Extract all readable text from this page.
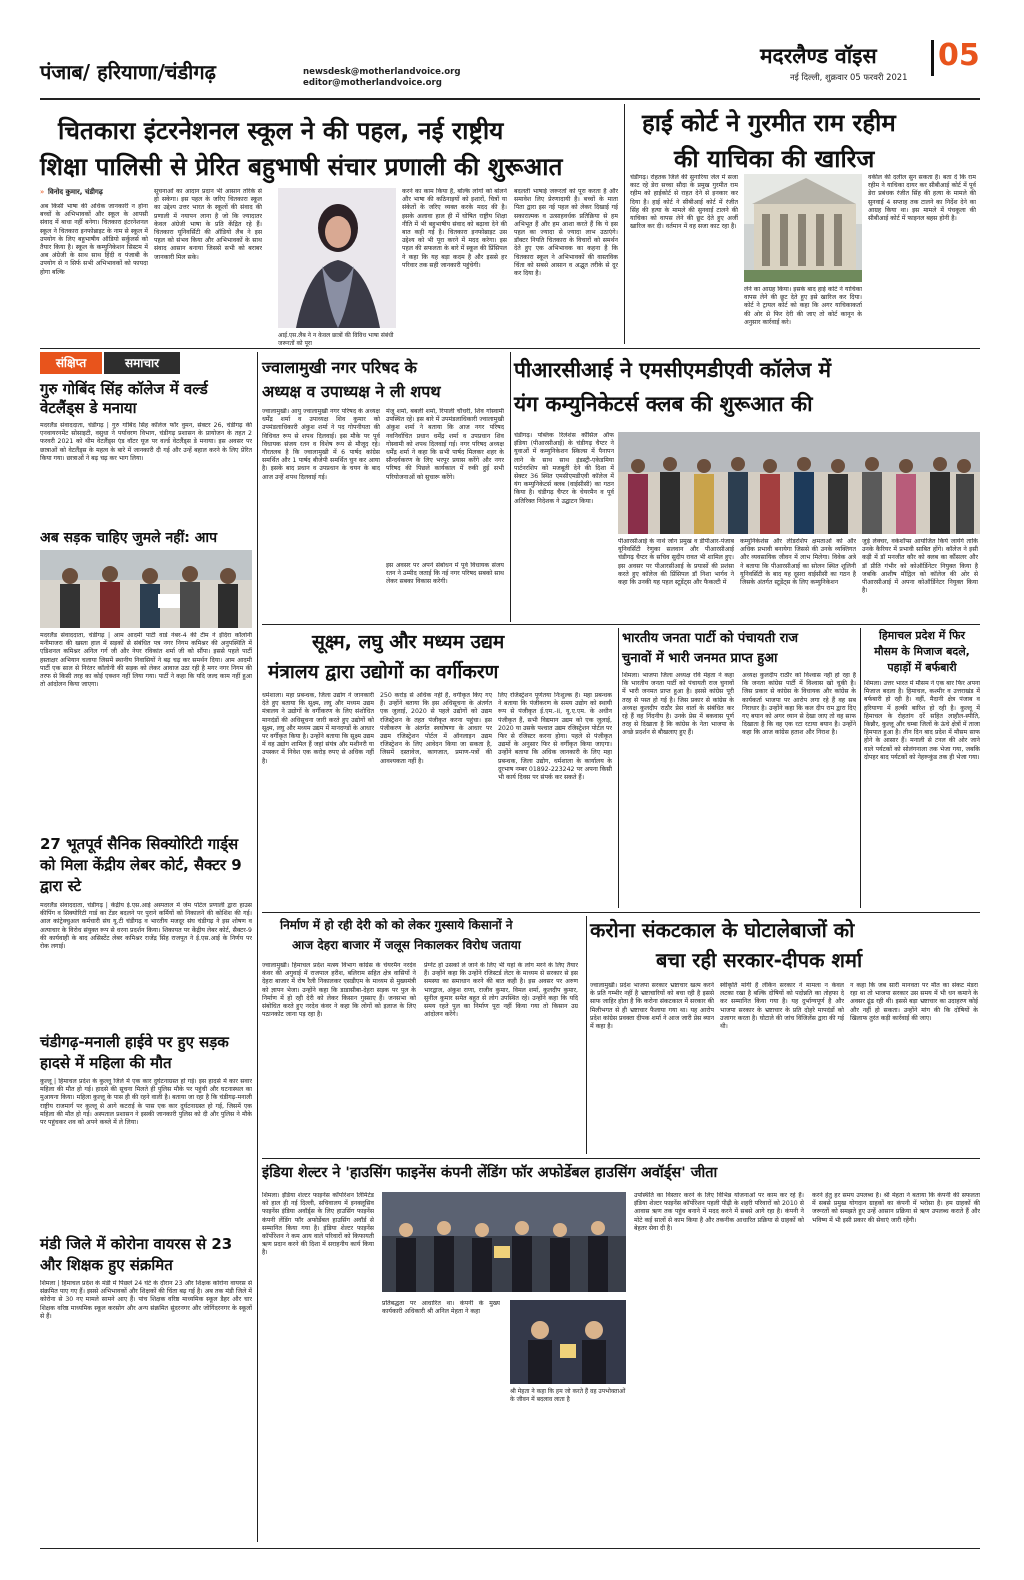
पंजाब/ हरियाणा/चंडीगढ़	newsdesk@motherlandvoice.org
editor@motherlandvoice.org
मदरलैण्ड वॉइस 05
नई दिल्ली, शुक्रवार 05 फरवरी 2021
चितकारा इंटरनेशनल स्कूल ने की पहल, नई राष्ट्रीय
शिक्षा पालिसी से प्रेरित बहुभाषी संचार प्रणाली की शुरूआत
» विनोद कुमार, चंडीगढ़
अब किसी भाषा की अधिक जानकारी न होना बच्चों के अभिभावकों और स्कूल के आपसी संवाद में बाधा नहीं बनेगा। चितकारा इंटरनेशनल स्कूल ने चितकारा इनफोब्राइट के नाम से स्कूल में उपयोग के लिए बहुभाषीय ऑडियो सर्कुलर्स को तैयार किया है। स्कूल के कम्युनिकेशन सिस्टम में अब अंग्रेजी के साथ साथ हिंदी व पंजाबी के उपयोग से न सिर्फ सभी अभिभावकों को फायदा होगा बल्कि
सूचनाओं का आदान प्रदान भी आसान तरिके से हो सकेगा। इस पहल के जरिए चितकारा स्कूल का उद्देश्य उत्तर भारत के स्कूलों की संवाद की प्रणाली में नयापन लाना है जो कि ज्यादातर केवल अंग्रेजी भाषा के प्रति केंद्रित रहे हैं। चितकारा यूनिवर्सिटी की ऑडियो लैब ने इस पहल को संभव किया और अभिभावकों के साथ संवाद आसान बनाया जिससे सभी को बराबर जानकारी मिल सके।
आई.एस.लैब ने न केवल छात्रों की विविध भाषा संबंधी जरूरतों को पूरा
करने का काम किया है, बल्कि लोगों को बोलने और भाषा की कठिनाइयों को इशारों, चित्रों या संकेतों के जरिए व्यक्त करके मदद की है। इसके अलावा हाल ही में घोषित राष्ट्रीय शिक्षा नीति में भी बहुभाषीय संवाद को बढ़ावा देने की बात कही गई है। चितकारा इनफोब्राइट उस उद्देश्य को भी पूरा करने में मदद करेगा। इस पहल की सफलता के बारे में स्कूल की प्रिंसिपल ने कहा कि यह बड़ा कदम है और इससे हर परिवार तक सही जानकारी पहुंचेगी।
बदलती भाषाई जरूरतों को पूरा करता है और समावेश लिए प्रेरणादायी है। बच्चों के माता पिता द्वारा इस नई पहल को लेकर दिखाई गई सकारात्मक व उत्साहवर्धक प्रतिक्रिया से हम अभिभूत हैं और हम आशा करते हैं कि ये इस पहल का ज्यादा से ज्यादा लाभ उठाएंगे। डॉक्टर नियति चितकारा के विचारों को समर्थन देते हुए एक अभिभावक का कहना है कि चितकारा स्कूल ने अभिभावकों की वास्तविक चिंता को सबसे आसान व अद्भुत तरीके से दूर कर दिया है।
हाई कोर्ट ने गुरमीत राम रहीम
की याचिका की खारिज
चंडीगढ़। रोहतक जिले की सुनारिया जेल में सजा काट रहे डेरा सच्चा सौदा के प्रमुख गुरमीत राम रहीम को हाईकोर्ट से राहत देने से इनकार कर दिया है। हाई कोर्ट ने सीबीआई कोर्ट में रंजीत सिंह की हत्या के मामले की सुनवाई टालने की याचिका को वापस लेने की छूट देते हुए अर्जी खारिज कर दी। वर्तमान में वह सजा काट रहा है।
लेने का आग्रह किया। इसके बाद हाई कोर्ट ने याचिका वापस लेने की छूट देते हुए इसे खारिज कर दिया। कोर्ट ने ट्रायल कोर्ट को कहा कि अगर याचिकाकर्ता की ओर से फिर देरी की जाए तो कोर्ट कानून के अनुसार कार्रवाई करे।
वकील की दलील सुन सकता है। बता दें कि राम रहीम ने याचिका दायर कर सीबीआई कोर्ट में पूर्व डेरा प्रबंधक रंजीत सिंह की हत्या के मामले की सुनवाई 4 सप्ताह तक टालने का निर्देश देने का आग्रह किया था। इस मामले में पंचकूला की सीबीआई कोर्ट में फाइनल बहस होनी है।
संक्षिप्त	समाचार
गुरु गोबिंद सिंह कॉलेज में वर्ल्ड वेटलैंड्स डे मनाया
मदरलैंड संवाददाता, चंडीगढ़ | गुरु गोबिंद सिंह कॉलेज फॉर वुमन, सेक्टर 26, चंडीगढ़ की एनवायरनमेंट सोसाइटी, वसुधा ने पर्यावरण विभाग, चंडीगढ़ प्रशासन के प्रायोजन के तहत 2 फरवरी 2021 को थीम वेटलैंड्स एंड वॉटर यूज पर वर्ल्ड वेटलैंड्स डे मनाया। इस अवसर पर छात्राओं को वेटलैंड्स के महत्व के बारे में जानकारी दी गई और उन्हें बहाल करने के लिए प्रेरित किया गया। छात्राओं ने बढ़ चढ़ कर भाग लिया।
अब सड़क चाहिए जुमले नहीं: आप
मदरलैंड संवाददाता, चंडीगढ़ | आम आदमी पार्टी वार्ड नंबर-4 की टीम ने इंदिरा कॉलोनी मनीमाजरा की खस्ता हाल में सड़कों से संबंधित पत्र नगर निगम कमिश्नर की अनुपस्थिति में एडिशनल कमिश्नर अनिल गर्ग जी और नेयर रविकांत शर्मा जी को सौंपा। इससे पहले पार्टी हस्ताक्षर अभियान चलाया जिसमें स्थानीय निवासियों ने बढ़ चढ़ कर समर्थन दिया। आम आदमी पार्टी एक साल से निरंतर कॉलोनी की सड़क को लेकर आवाज उठा रही है मगर नगर निगम की तरफ से किसी तरह का कोई एक्शन नहीं लिया गया। पार्टी ने कहा कि यदि जल्द काम नहीं हुआ तो आंदोलन किया जाएगा।
27 भूतपूर्व सैनिक सिक्योरिटी गार्ड्स को मिला केंद्रीय लेबर कोर्ट, सैक्टर 9 द्वारा स्टे
मदरलैंड संवाददाता, चंडीगढ़ | केंद्रीय ई.एस.आई अस्पताल में जेम पोर्टल प्रणाली द्वारा हाउस कीपिंग व सिक्योरिटी गार्ड का टेंडर बदलने पर पुराने कर्मियों को निकालने की कोशिश की गई। आल कांट्रेक्चुअल कर्मचारी संघ यू.टी चंडीगढ़ व भारतीय मजदूर संघ चंडीगढ़ ने इस शोषण व अत्याचार के विरोध संयुक्त रूप से धरना प्रदर्शन किया। शिकायत पर केंद्रीय लेबर कोर्ट, सैक्टर-9 की कार्यवाही के बाद असिस्टेंट लेबर कमिश्नर राजेंद्र सिंह राजपूत ने ई.एस.आई के निर्णय पर रोक लगाई।
चंडीगढ़-मनाली हाईवे पर हुए सड़क हादसे में महिला की मौत
कुल्लू | हिमाचल प्रदेश के कुल्लू जिले में एक कार दुर्घटनाग्रस्त हो गई। इस हादसे में कार सवार महिला की मौत हो गई। हादसे की सूचना मिलते ही पुलिस मौके पर पहुंची और घटनास्थल का मुआयना किया। महिला कुल्लू के पास ही की रहने वाली है। बताया जा रहा है कि चंडीगढ़-मनाली राष्ट्रीय राजमार्ग पर कुल्लू से आगे कटराई के पास एक कार दुर्घटनाग्रस्त हो गई, जिसमें एक महिला की मौत हो गई। अस्पताल प्रशासन ने इसकी जानकारी पुलिस को दी और पुलिस ने मौके पर पहुंचकर शव को अपने कब्जे में ले लिया।
मंडी जिले में कोरोना वायरस से 23 और शिक्षक हुए संक्रमित
शिमला | हिमाचल प्रदेश के मंडी में पिछले 24 घंटे के दौरान 23 और शिक्षक कोरोना वायरस से संक्रमित पाए गए हैं। इससे अभिभावकों और शिक्षकों की चिंता बढ़ गई है। अब तक मंडी जिले में कोरोना से 30 नए मामले सामने आए हैं। पांच शिक्षक वरिष्ठ माध्यमिक स्कूल डैहर और चार शिक्षक वरिष्ठ माध्यमिक स्कूल करसोग और अन्य संक्रमित सुंदरनगर और जोगिंदरनगर के स्कूलों से हैं।
ज्वालामुखी नगर परिषद के
अध्यक्ष व उपाध्यक्ष ने ली शपथ
ज्वालामुखी। आयु ज्वालामुखी नगर परिषद के अध्यक्ष धर्मेंद्र शर्मा व उपाध्यक्ष शिव कुमार को उपमंडलाधिकारी अंकुश शर्मा ने पद गोपनीयता की विधिवत रूप से शपथ दिलवाई। इस मौके पर पूर्व विधायक संजय रतन व विशेष रूप से मौजूद रहे। गौरतलब है कि ज्वालामुखी में 6 पार्षद कांग्रेस समर्थित और 1 पार्षद बीजेपी समर्थित चुन कर आया है। इसके बाद प्रधान व उपप्रधान के चयन के बाद आज उन्हें शपथ दिलवाई गई।
मंजू शर्मा, बबली शर्मा, रिपाली चौधरी, शिव गोस्वामी उपस्थित रहे। इस बारे में उपमंडलाधिकारी ज्वालामुखी अंकुश शर्मा ने बताया कि आज नगर परिषद नवनिर्वाचित प्रधान धर्मेंद्र शर्मा व उपप्रधान शिव गोस्वामी को शपथ दिलवाई गई। नगर परिषद अध्यक्ष धर्मेंद्र शर्मा ने कहा कि सभी पार्षद मिलकर शहर के सौन्दर्यकरण के लिए भरपूर प्रयास करेंगे और नगर परिषद की पिछले कार्यकाल में रुकी हुई सभी परियोजनाओं को सुचारू करेंगे।
इस अवसर पर अपने संबोधन में पूर्व विधायक संजय रतन ने उम्मीद जताई कि नई नगर परिषद सबको साथ लेकर सबका विकास करेगी।
पीआरसीआई ने एमसीएमडीएवी कॉलेज में
यंग कम्युनिकेटर्स क्लब की शुरूआत की
चंडीगढ़। पब्लिक रिलेशंस कौंसिल ऑफ इंडिया (पीआरसीआई) के चंडीगढ़ चैप्टर ने युवाओं में कम्युनिकेशन स्किल्स में पैनापन लाने के साथ साथ इंडस्ट्री-एकेडमिया पार्टनरशिप को मजबूती देने की दिशा में सेक्टर 36 स्थित एमसीएमडीएवी कॉलेज में यंग कम्युनिकेटर्स क्लब (वाईसीसी) का गठन किया है। चंडीगढ़ चैप्टर के चेयरमैन व पूर्व अतिरिक्त निदेशक ने उद्घाटन किया।
पीआरसीआई के नार्थ जोन प्रमुख व डीपीआर-पंजाब यूनिवर्सिटी रेणुका सलवान और पीआरसीआई चंडीगढ़ चैप्टर के सचिव सुदीप रावत भी शामिल हुए। इस अवसर पर पीआरसीआई के प्रयासों की प्रशंसा करते हुए कॉलेज की प्रिंसिपल डॉ निशा भार्गव ने कहा कि उनकी यह पहल स्टूडेंट्स और फैकल्टी में
कम्युनिकेशंस और लीडरशिप क्षमताओं को और अधिक प्रभावी बनायेगा जिससे की उनके व्यक्तिगत और व्यवसायिक जीवन में लाभ मिलेगा। विवेक अत्रे ने बताया कि पीआरसीआई का सोलन स्थित शूलिनी यूनिवर्सिटी के बाद यह दूसरा वाईसीसी का गठन है जिसके अंतर्गत स्टूडेंट्स के लिए कम्युनिकेशन
जुड़े लेक्चर, वर्कशॉप्स आयोजित किये जायेंगे ताकि उनके कैरियर में प्रभावी साबित होंगे। कॉलेज ने इसी कड़ी में डॉ मनजीत कौर को क्लब का कौंसलर और डॉ प्रीति गंभीर को कोऑर्डिनेटर नियुक्त किया है जबकि आशीष मौद्गिल को कॉलेज की ओर से पीआरसीआई में अपना कोऑर्डिनेटर नियुक्त किया है।
सूक्ष्म, लघु और मध्यम उद्यम
मंत्रालय द्वारा उद्योगों का वर्गीकरण
धर्मशाला। महा प्रबन्धक, जिला उद्योग ने जानकारी देते हुए बताया कि सूक्ष्म, लघु और मध्यम उद्यम मंत्रालय ने उद्योगों के वर्गीकरण के लिए संशोधित मानदंडों की अधिसूचना जारी करते हुए उद्योगों को सूक्ष्म, लघु और मध्यम उद्यम में मानदण्डों के आधार पर वर्गीकृत किया है। उन्होंने बताया कि सूक्ष्म उद्यम में वह उद्योग शामिल हैं जहां संयंत्र और मशीनरी या उपस्कर में निवेश एक करोड़ रुपए से अधिक नहीं है।
250 करोड़ से अधिक नहीं है, वर्गीकृत किए गए हैं। उन्होंने बताया कि इस अधिसूचना के अंतर्गत एक जुलाई, 2020 से पहले उद्योगों को उद्यम रजिस्ट्रेशन के तहत पंजीकृत करना पहुंचा। इस पंजीकरण के अंतर्गत स्वघोषणा के आधार पर उद्यम रजिस्ट्रेशन पोर्टल में ऑनलाइन उद्यम रजिस्ट्रेशन के लिए आवेदन किया जा सकता है, जिसमें दस्तावेज, कागजात, प्रमाण-पत्रों की आवश्यकता नहीं है।
लिए रजिस्ट्रेशन पूर्णतया निःशुल्क है। महा प्रबन्धक ने बताया कि पंजीकरण के समय उद्योग को स्थायी रूप से पंजीकृत ई.एम.-II, यू.ए.एम. के अधीन पंजीकृत हैं, सभी विद्यमान उद्यम को एक जुलाई, 2020 या उसके पश्चात उद्यम रजिस्ट्रेशन पोर्टल पर फिर से रजिस्टर करना होगा। पहले से पंजीकृत उद्यमों के अनुसार फिर से वर्गीकृत किया जाएगा। उन्होंने बताया कि अधिक जानकारी के लिए महा प्रबन्धक, जिला उद्योग, धर्मशाला के कार्यालय के दूरभाष नम्बर 01892-223242 पर अपना किसी भी कार्य दिवस पर संपर्क कर सकते हैं।
भारतीय जनता पार्टी को पंचायती राज
चुनावों में भारी जनमत प्राप्त हुआ
शिमला। भाजपा जिला अध्यक्ष रवि मेहता ने कहा कि भारतीय जनता पार्टी को पंचायती राज चुनावों में भारी जनमत प्राप्त हुआ है। इससे कांग्रेस पूरी तरह से पस्त हो गई है। जिस प्रकार से कांग्रेस के अध्यक्ष कुलदीप राठौर प्रेस वार्ता के संबंधित कर रहे हैं वह निंदनीय है। उनके प्रेस में बकवास पूर्ण तरह से दिखाता है कि कांग्रेस के नेता भाजपा के अच्छे प्रदर्शन से बौखलाए हुए हैं।
अध्यक्ष कुलदीप राठौर को विश्वास नहीं हो रहा है कि जनता कांग्रेस पार्टी में विश्वास खो चुकी है। जिस प्रकार से कांग्रेस के विधायक और कांग्रेस के कार्यकर्ता भाजपा पर आरोप लगा रहे हैं वह सब निराधार है। उन्होंने कहा कि कल दीप राम द्वारा दिए गए बयान को अगर ध्यान से देखा जाए तो वह साफ दिखाता है कि वह एक रटा रटाया बयान है। उन्होंने कहा कि आज कांग्रेस हताश और निराश है।
हिमाचल प्रदेश में फिर
मौसम के मिजाज बदले,
पहाड़ों में बर्फबारी
शिमला। उत्तर भारत में मौसम ने एक बार फिर अपना मिजाज बदला है। हिमाचल, कश्मीर व उत्तराखंड में बर्फबारी हो रही है। वहीं, मैदानी क्षेत्र पंजाब व हरियाणा में हल्की बारिश हो रही है। कुल्लू में हिमाचल के रोहतांग दर्रे सहित लाहौल-स्पीति, किन्नौर, कुल्लू और चम्बा जिलों के ऊंचे क्षेत्रों में ताजा हिमपात हुआ है। तीन दिन बाद प्रदेश में मौसम साफ होने के आसार हैं। मनाली से टनल की ओर जाने वाले पर्यटकों को सोलंगनाला तक भेजा गया, जबकि दोपहर बाद पर्यटकों को नेहरूकुंड तक ही भेजा गया।
निर्माण में हो रही देरी को को लेकर गुस्साये किसानों ने
आज देहरा बाजार में जलूस निकालकर विरोध जताया
ज्वालामुखी। हिमाचल प्रदेश मत्स्य विभाग कांग्रेस के चेयरमैन नरदेव कंवर की अगुवाई में राजपाल हरीश, बलिराम सहित क्षेत्र वासियों ने देहरा बाजार में रोष रैली निकालकर एसडीएम के माध्यम से मुख्यमंत्री को ज्ञापन भेजा। उन्होंने कहा कि डाडासीबा-देहरा सड़क पर पुल के निर्माण में हो रही देरी को लेकर किसान गुस्साए हैं। जनसभा को संबोधित करते हुए नरदेव कंवर ने कहा कि लोगों को इलाज के लिए पठानकोट जाना पड़ रहा है।
प्रेग्नेंट हो उसको ले जाने के लिए भी यहां के लोग मरने के लिए तैयार हैं। उन्होंने कहा कि उन्होंने रजिस्टर्ड लेटर के माध्यम से सरकार से इस समस्या का समाधान करने की बात कही है। इस अवसर पर अरुण भारद्वाज, अंकुश राणा, राजीव कुमार, विमल शर्मा, कुलदीप कुमार, सुनील कुमार समेत बहुत से लोग उपस्थित रहे। उन्होंने कहा कि यदि समय रहते पुल का निर्माण पूरा नहीं किया गया तो किसान उग्र आंदोलन करेंगे।
करोना संकटकाल के घोटालेबाजों को
बचा रही सरकार-दीपक शर्मा
ज्वालामुखी। प्रदेश भाजपा सरकार भ्रष्टाचार खत्म करने के प्रति गम्भीर नहीं है भ्रष्टाचारियों को बचा रही है इससे साफ जाहिर होता है कि करोना संकटकाल में सरकार की मिलीभगत से ही भ्रष्टाचार फैलाया गया था। यह आरोप प्रदेश कांग्रेस प्रवक्ता दीपक शर्मा ने आज जारी प्रेस ब्यान में कहा है।
स्वीकृति मांगी है लेकिन सरकार ने मामला न केवल लटका रखा है बल्कि दोषियों को पदोन्नति का तोहफा दे कर सम्मानित किया गया है। यह दुर्भाग्यपूर्ण है और भाजपा सरकार के भ्रष्टाचार के प्रति दोहरे मापदंडों को उजागर करता है। घोटाले की जांच विजिलेंस द्वारा की गई थी।
न कहा कि जब सारी मानवता पर मौत का संकट मंडरा रहा था तो भाजपा सरकार उस समय में भी धन कमाने के अवसर ढूंढ रही थी। इससे बड़ा भ्रष्टाचार का उदाहरण कोई और नहीं हो सकता। उन्होंने मांग की कि दोषियों के खिलाफ तुरंत कड़ी कार्रवाई की जाए।
इंडिया शेल्टर ने 'हाउसिंग फाइनेंस कंपनी लेंडिंग फॉर अफोर्डेबल हाउसिंग अवॉर्ड्स' जीता
शिमला। इंडिया शेल्टर फाइनेंस कॉर्पोरेशन लिमिटेड को हाल ही नई दिल्ली, सचिवालय में इनक्लूसिव फाइनेंस इंडिया अवॉर्ड्स के लिए हाउसिंग फाइनेंस कंपनी लेंडिंग फॉर अफोर्डेबल हाउसिंग अवॉर्ड से सम्मानित किया गया है। इंडिया शेल्टर फाइनेंस कॉर्पोरेशन ने कम आय वाले परिवारों को किफायती ऋण प्रदान करने की दिशा में सराहनीय कार्य किया है।
प्रतिबद्धता पर आधारित था। कंपनी के मुख्य कार्यकारी अधिकारी श्री अनिल मेहता ने कहा
श्री मेहता ने कहा कि हम जो करते हैं वह उपभोक्ताओं के जीवन में बदलाव लाता है
उपस्थिति का विस्तार करने के लिए विभिन्न योजनाओं पर काम कर रहे हैं। इंडिया शेल्टर फाइनेंस कॉर्पोरेशन पहली पीढ़ी के शहरी परिवारों को 2010 से आवास ऋण तक पहुंच बनाने में मदद करने में सबसे आगे रहा है। कंपनी ने मोटे कई सालों से काम किया है और तकनीक आधारित प्रक्रिया से ग्राहकों को बेहतर सेवा दी है।
करने हेतु हर समय उपलब्ध है। श्री मेहता ने बताया कि कंपनी की सफलता में सबसे प्रमुख योगदान ग्राहकों का कंपनी में भरोसा है। हम ग्राहकों की जरूरतों को समझते हुए उन्हें आसान प्रक्रिया से ऋण उपलब्ध कराते हैं और भविष्य में भी इसी प्रकार की सेवाएं जारी रहेंगी।
